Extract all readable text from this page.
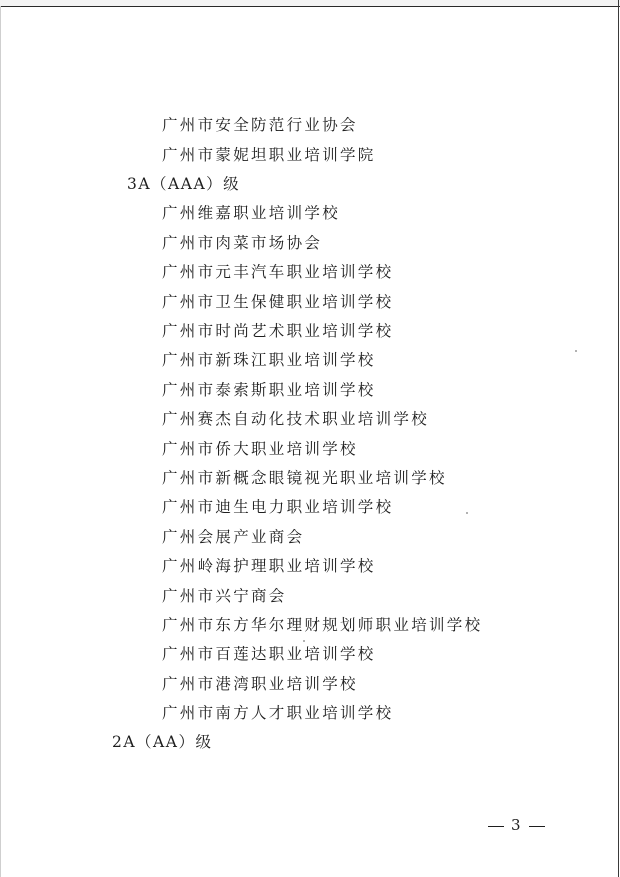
广州市安全防范行业协会
广州市蒙妮坦职业培训学院
3A（AAA）级
广州维嘉职业培训学校
广州市肉菜市场协会
广州市元丰汽车职业培训学校
广州市卫生保健职业培训学校
广州市时尚艺术职业培训学校
广州市新珠江职业培训学校
广州市泰索斯职业培训学校
广州赛杰自动化技术职业培训学校
广州市侨大职业培训学校
广州市新概念眼镜视光职业培训学校
广州市迪生电力职业培训学校
广州会展产业商会
广州岭海护理职业培训学校
广州市兴宁商会
广州市东方华尔理财规划师职业培训学校
广州市百莲达职业培训学校
广州市港湾职业培训学校
广州市南方人才职业培训学校
2A（AA）级
3
